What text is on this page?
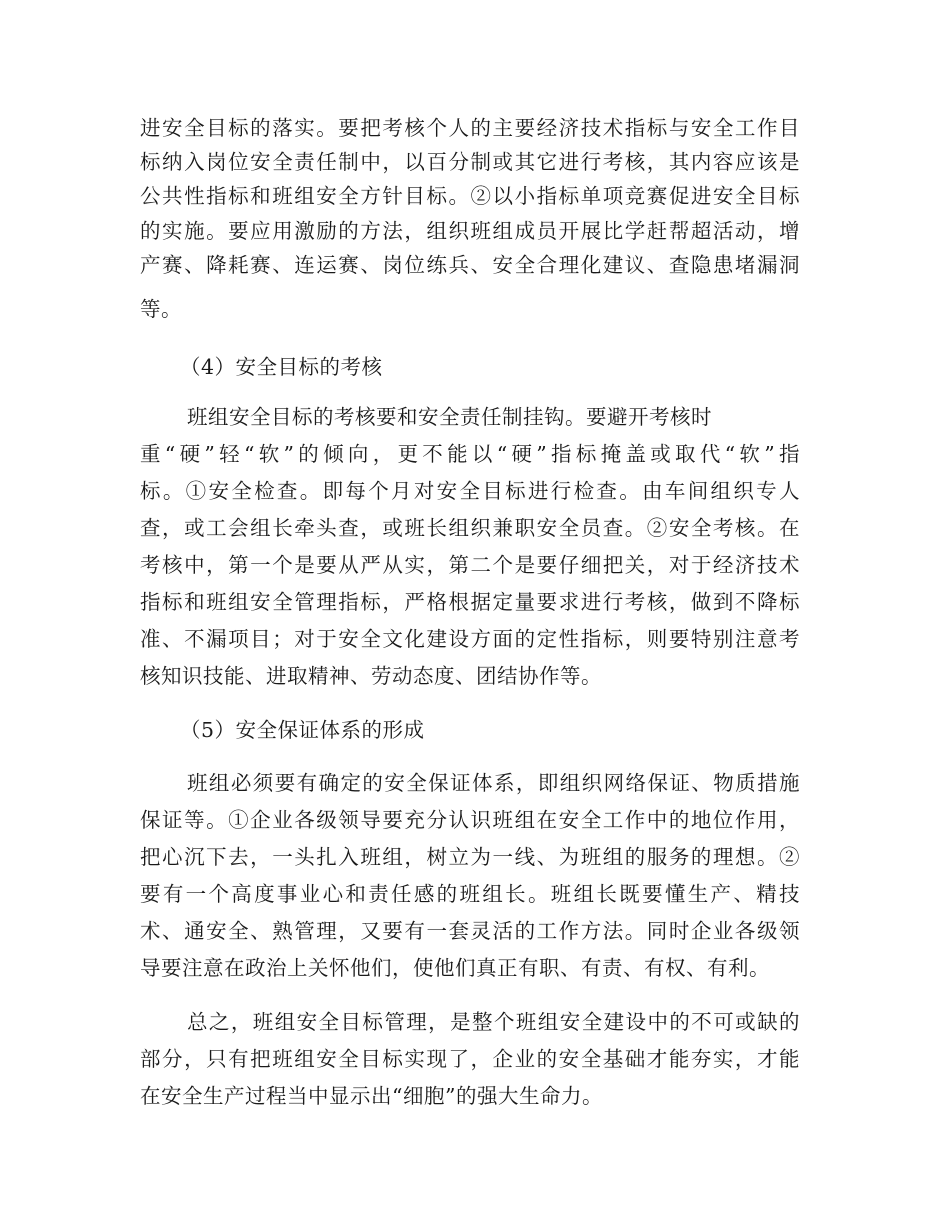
进安全目标的落实。要把考核个人的主要经济技术指标与安全工作目
标纳入岗位安全责任制中，以百分制或其它进行考核，其内容应该是
公共性指标和班组安全方针目标。②以小指标单项竞赛促进安全目标
的实施。要应用激励的方法，组织班组成员开展比学赶帮超活动，增
产赛、降耗赛、连运赛、岗位练兵、安全合理化建议、查隐患堵漏洞
等。
（4）安全目标的考核
班组安全目标的考核要和安全责任制挂钩。要避开考核时
重“硬”轻“软”的倾向，更不能以“硬”指标掩盖或取代“软”指
标。①安全检查。即每个月对安全目标进行检查。由车间组织专人
查，或工会组长牵头查，或班长组织兼职安全员查。②安全考核。在
考核中，第一个是要从严从实，第二个是要仔细把关，对于经济技术
指标和班组安全管理指标，严格根据定量要求进行考核，做到不降标
准、不漏项目；对于安全文化建设方面的定性指标，则要特别注意考
核知识技能、进取精神、劳动态度、团结协作等。
（5）安全保证体系的形成
班组必须要有确定的安全保证体系，即组织网络保证、物质措施
保证等。①企业各级领导要充分认识班组在安全工作中的地位作用，
把心沉下去，一头扎入班组，树立为一线、为班组的服务的理想。②
要有一个高度事业心和责任感的班组长。班组长既要懂生产、精技
术、通安全、熟管理，又要有一套灵活的工作方法。同时企业各级领
导要注意在政治上关怀他们，使他们真正有职、有责、有权、有利。
总之，班组安全目标管理，是整个班组安全建设中的不可或缺的
部分，只有把班组安全目标实现了，企业的安全基础才能夯实，才能
在安全生产过程当中显示出“细胞”的强大生命力。
